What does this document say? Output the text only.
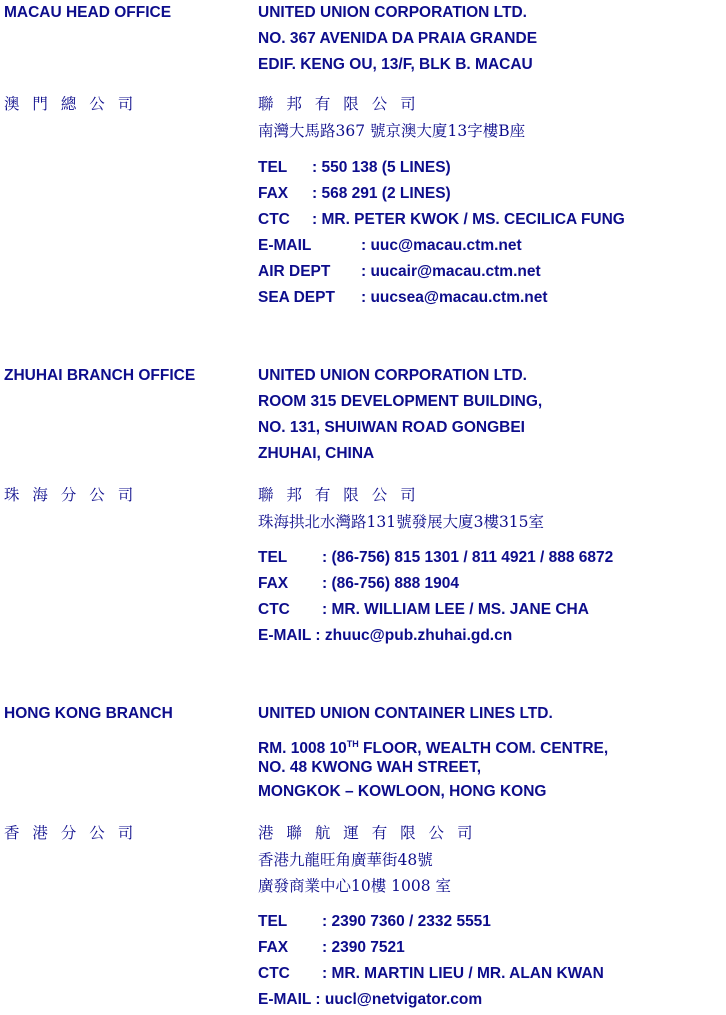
MACAU HEAD OFFICE	UNITED UNION CORPORATION LTD.
NO. 367 AVENIDA DA PRAIA GRANDE
EDIF. KENG OU, 13/F, BLK B. MACAU
澳 門 總 公 司	聯 邦 有 限 公 司
南灣大馬路367 號京澳大廈13字樓B座
TEL : 550 138 (5 LINES)
FAX : 568 291 (2 LINES)
CTC : MR. PETER KWOK / MS. CECILICA FUNG
E-MAIL	: uuc@macau.ctm.net
AIR DEPT : uucair@macau.ctm.net
SEA DEPT : uucsea@macau.ctm.net
ZHUHAI BRANCH OFFICE	UNITED UNION CORPORATION LTD.
ROOM 315 DEVELOPMENT BUILDING,
NO. 131, SHUIWAN ROAD GONGBEI
ZHUHAI, CHINA
珠 海 分 公 司	聯 邦 有 限 公 司
珠海拱北水灣路131號發展大廈3樓315室
TEL : (86-756) 815 1301 / 811 4921 / 888 6872
FAX : (86-756) 888 1904
CTC : MR. WILLIAM LEE / MS. JANE CHA
E-MAIL : zhuuc@pub.zhuhai.gd.cn
HONG KONG BRANCH	UNITED UNION CONTAINER LINES LTD.
RM. 1008 10TH FLOOR, WEALTH COM. CENTRE,
NO. 48 KWONG WAH STREET,
MONGKOK – KOWLOON, HONG KONG
香 港 分 公 司	港 聯 航 運 有 限 公 司
香港九龍旺角廣華街48號
廣發商業中心10樓 1008 室
TEL : 2390 7360 / 2332 5551
FAX : 2390 7521
CTC : MR. MARTIN LIEU / MR. ALAN KWAN
E-MAIL : uucl@netvigator.com
